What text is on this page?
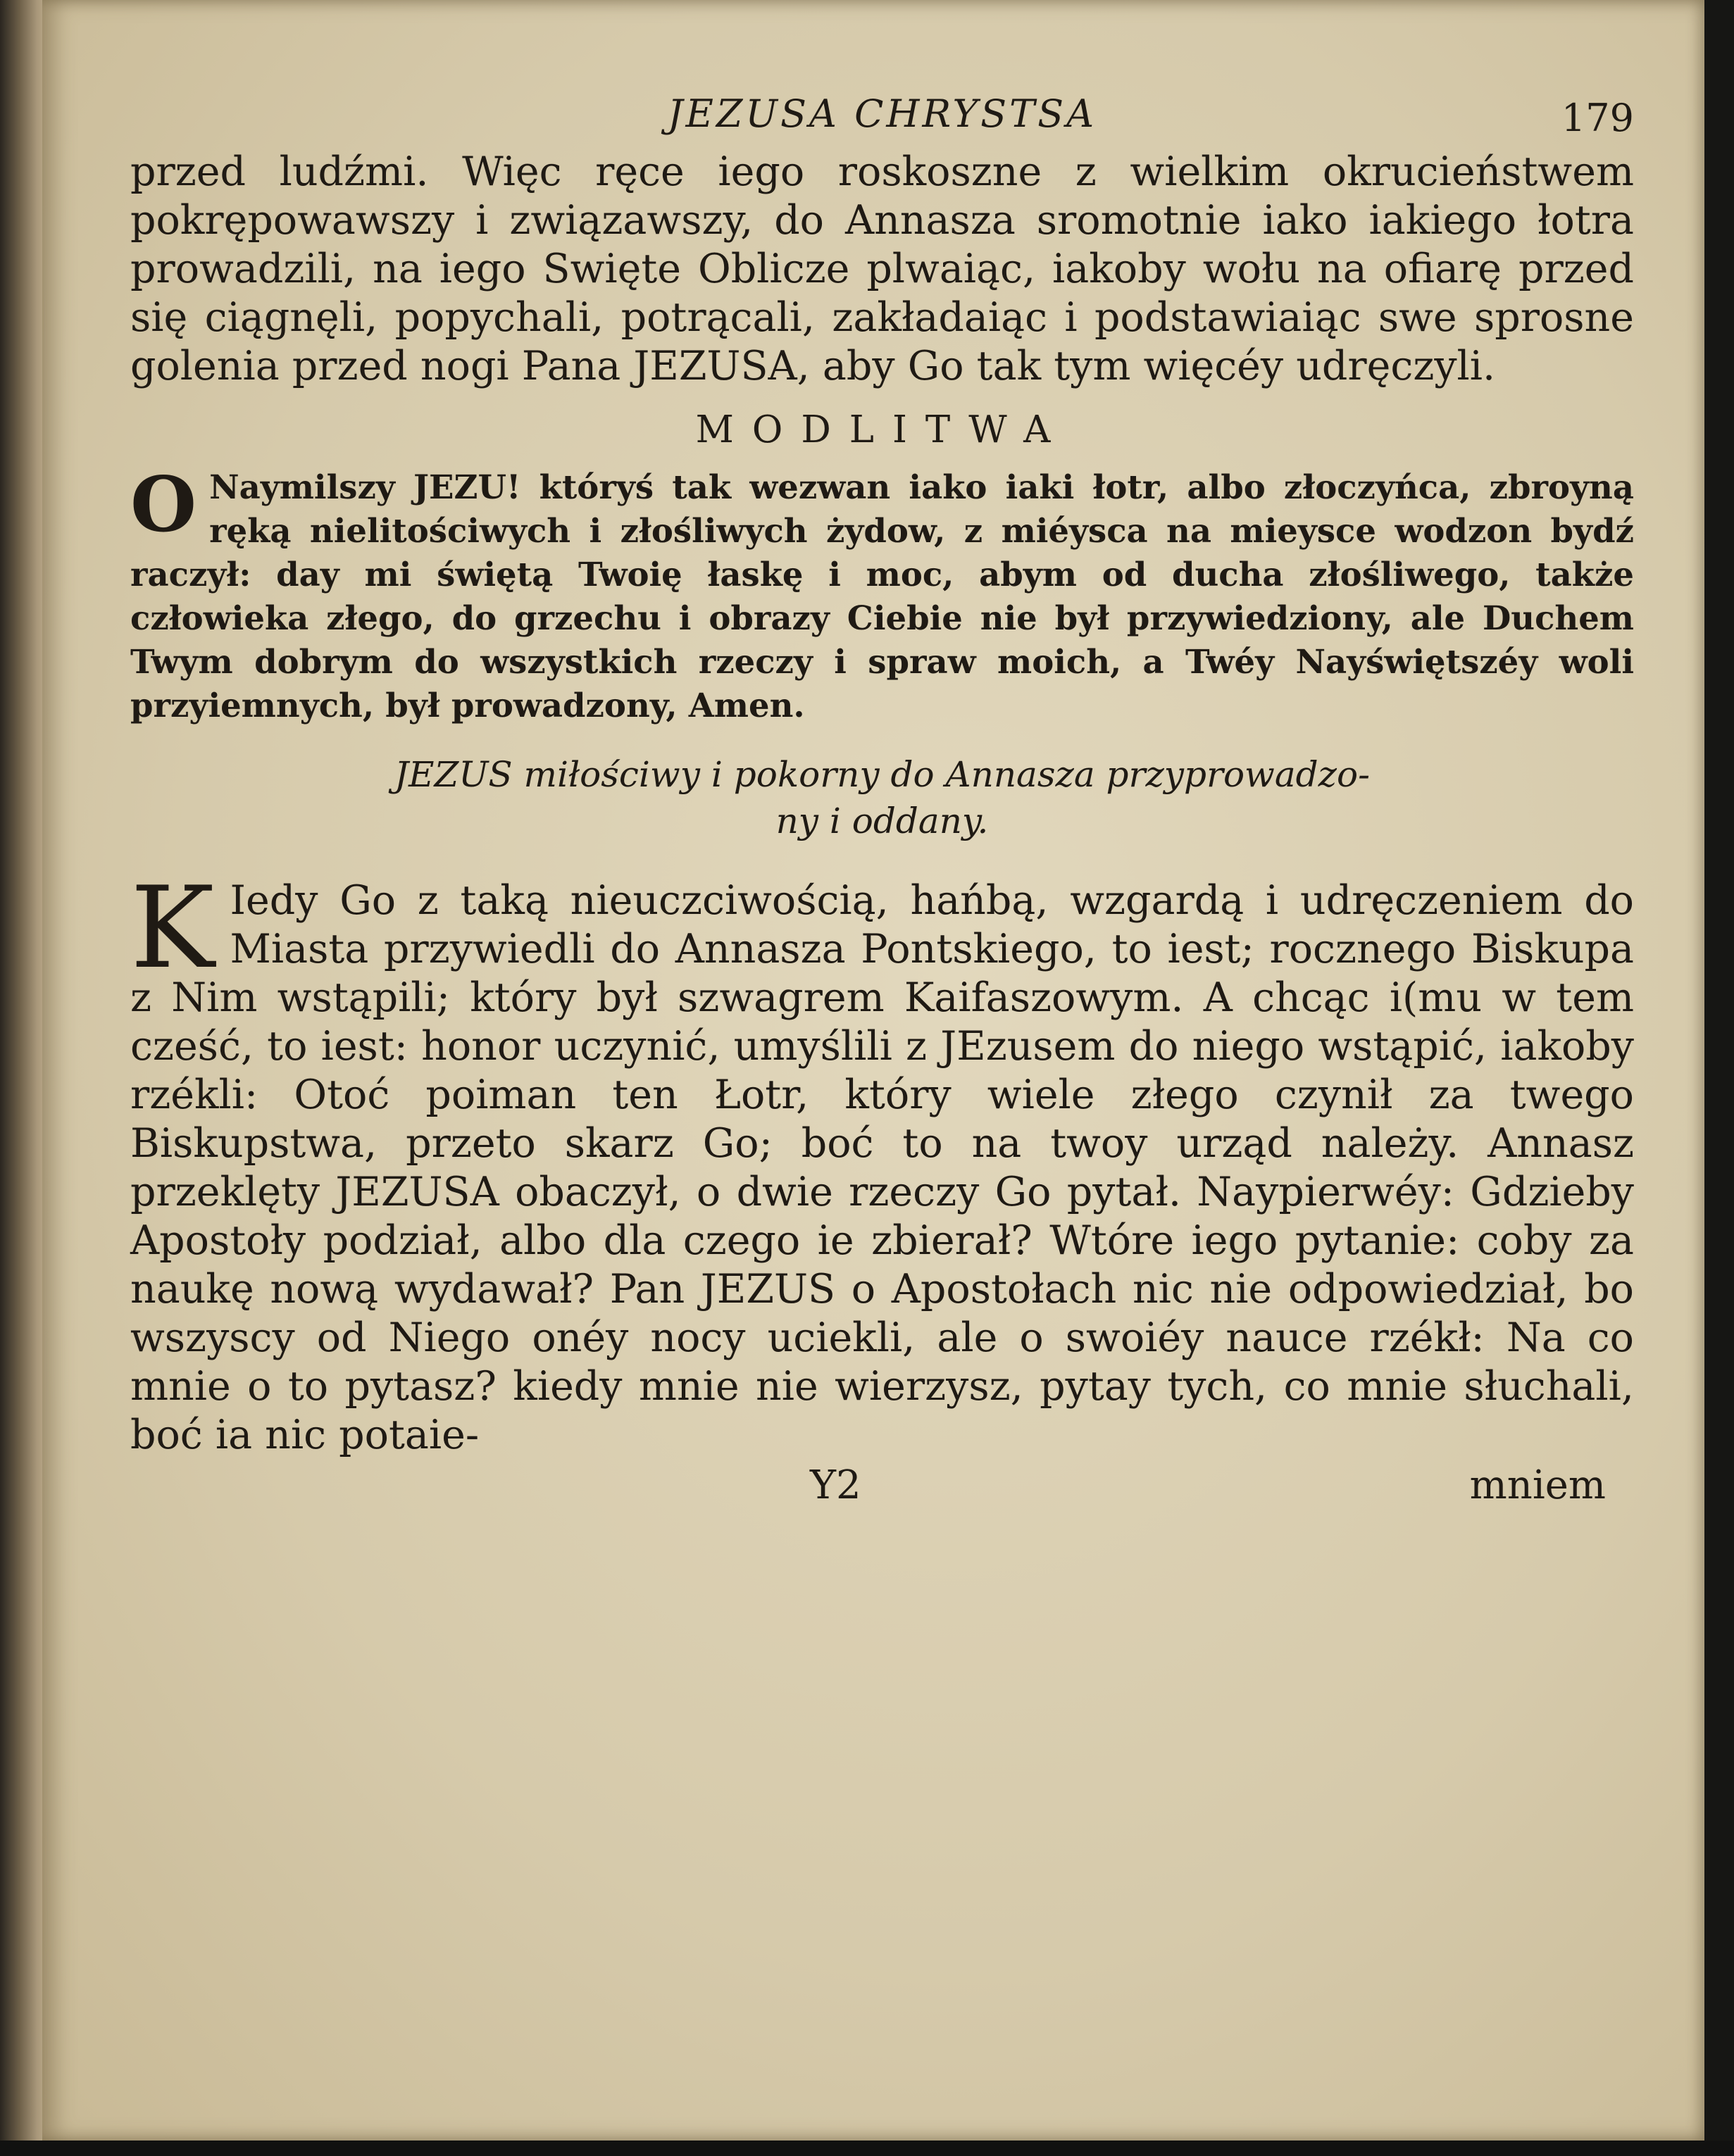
JEZUSA CHRYSTSA	179

przed ludźmi. Więc ręce iego roskoszne z wielkim okrucieństwem pokrępowawszy i związawszy, do Annasza sromotnie iako iakiego łotra prowadzili, na iego Swięte Oblicze plwaiąc, iakoby wołu na ofiarę przed się ciągnęli, popychali, potrącali, zakładaiąc i podstawiaiąc swe sprosne golenia przed nogi Pana JEZUSA, aby Go tak tym więcéy udręczyli.

MODLITWA

O Naymilszy JEZU! któryś tak wezwan iako iaki łotr, albo złoczyńca, zbroyną ręką nielitościwych i złośliwych żydow, z miéysca na mieysce wodzon bydź raczył: day mi świętą Twoię łaskę i moc, abym od ducha złośliwego, także człowieka złego, do grzechu i obrazy Ciebie nie był przywiedziony, ale Duchem Twym dobrym do wszystkich rzeczy i spraw moich, a Twéy Nayświętszéy woli przyiemnych, był prowadzony, Amen.

JEZUS miłościwy i pokorny do Annasza przyprowadzo-
ny i oddany.

K Iedy Go z taką nieuczciwością, hańbą, wzgardą i udręczeniem do Miasta przywiedli do Annasza Pontskiego, to iest; rocznego Biskupa z Nim wstąpili; który był szwagrem Kaifaszowym. A chcąc i(mu w tem cześć, to iest: honor uczynić, umyślili z JEzusem do niego wstąpić, iakoby rzékli: Otoć poiman ten Łotr, który wiele złego czynił za twego Biskupstwa, przeto skarz Go; boć to na twoy urząd należy. Annasz przeklęty JEZUSA obaczył, o dwie rzeczy Go pytał. Naypierwéy: Gdzieby Apostoły podział, albo dla czego ie zbierał? Wtóre iego pytanie: coby za naukę nową wydawał? Pan JEZUS o Apostołach nic nie odpowiedział, bo wszyscy od Niego onéy nocy uciekli, ale o swoiéy nauce rzékł: Na co mnie o to pytasz? kiedy mnie nie wierzysz, pytay tych, co mnie słuchali, boć ia nic potaie-

Y2	mniem
